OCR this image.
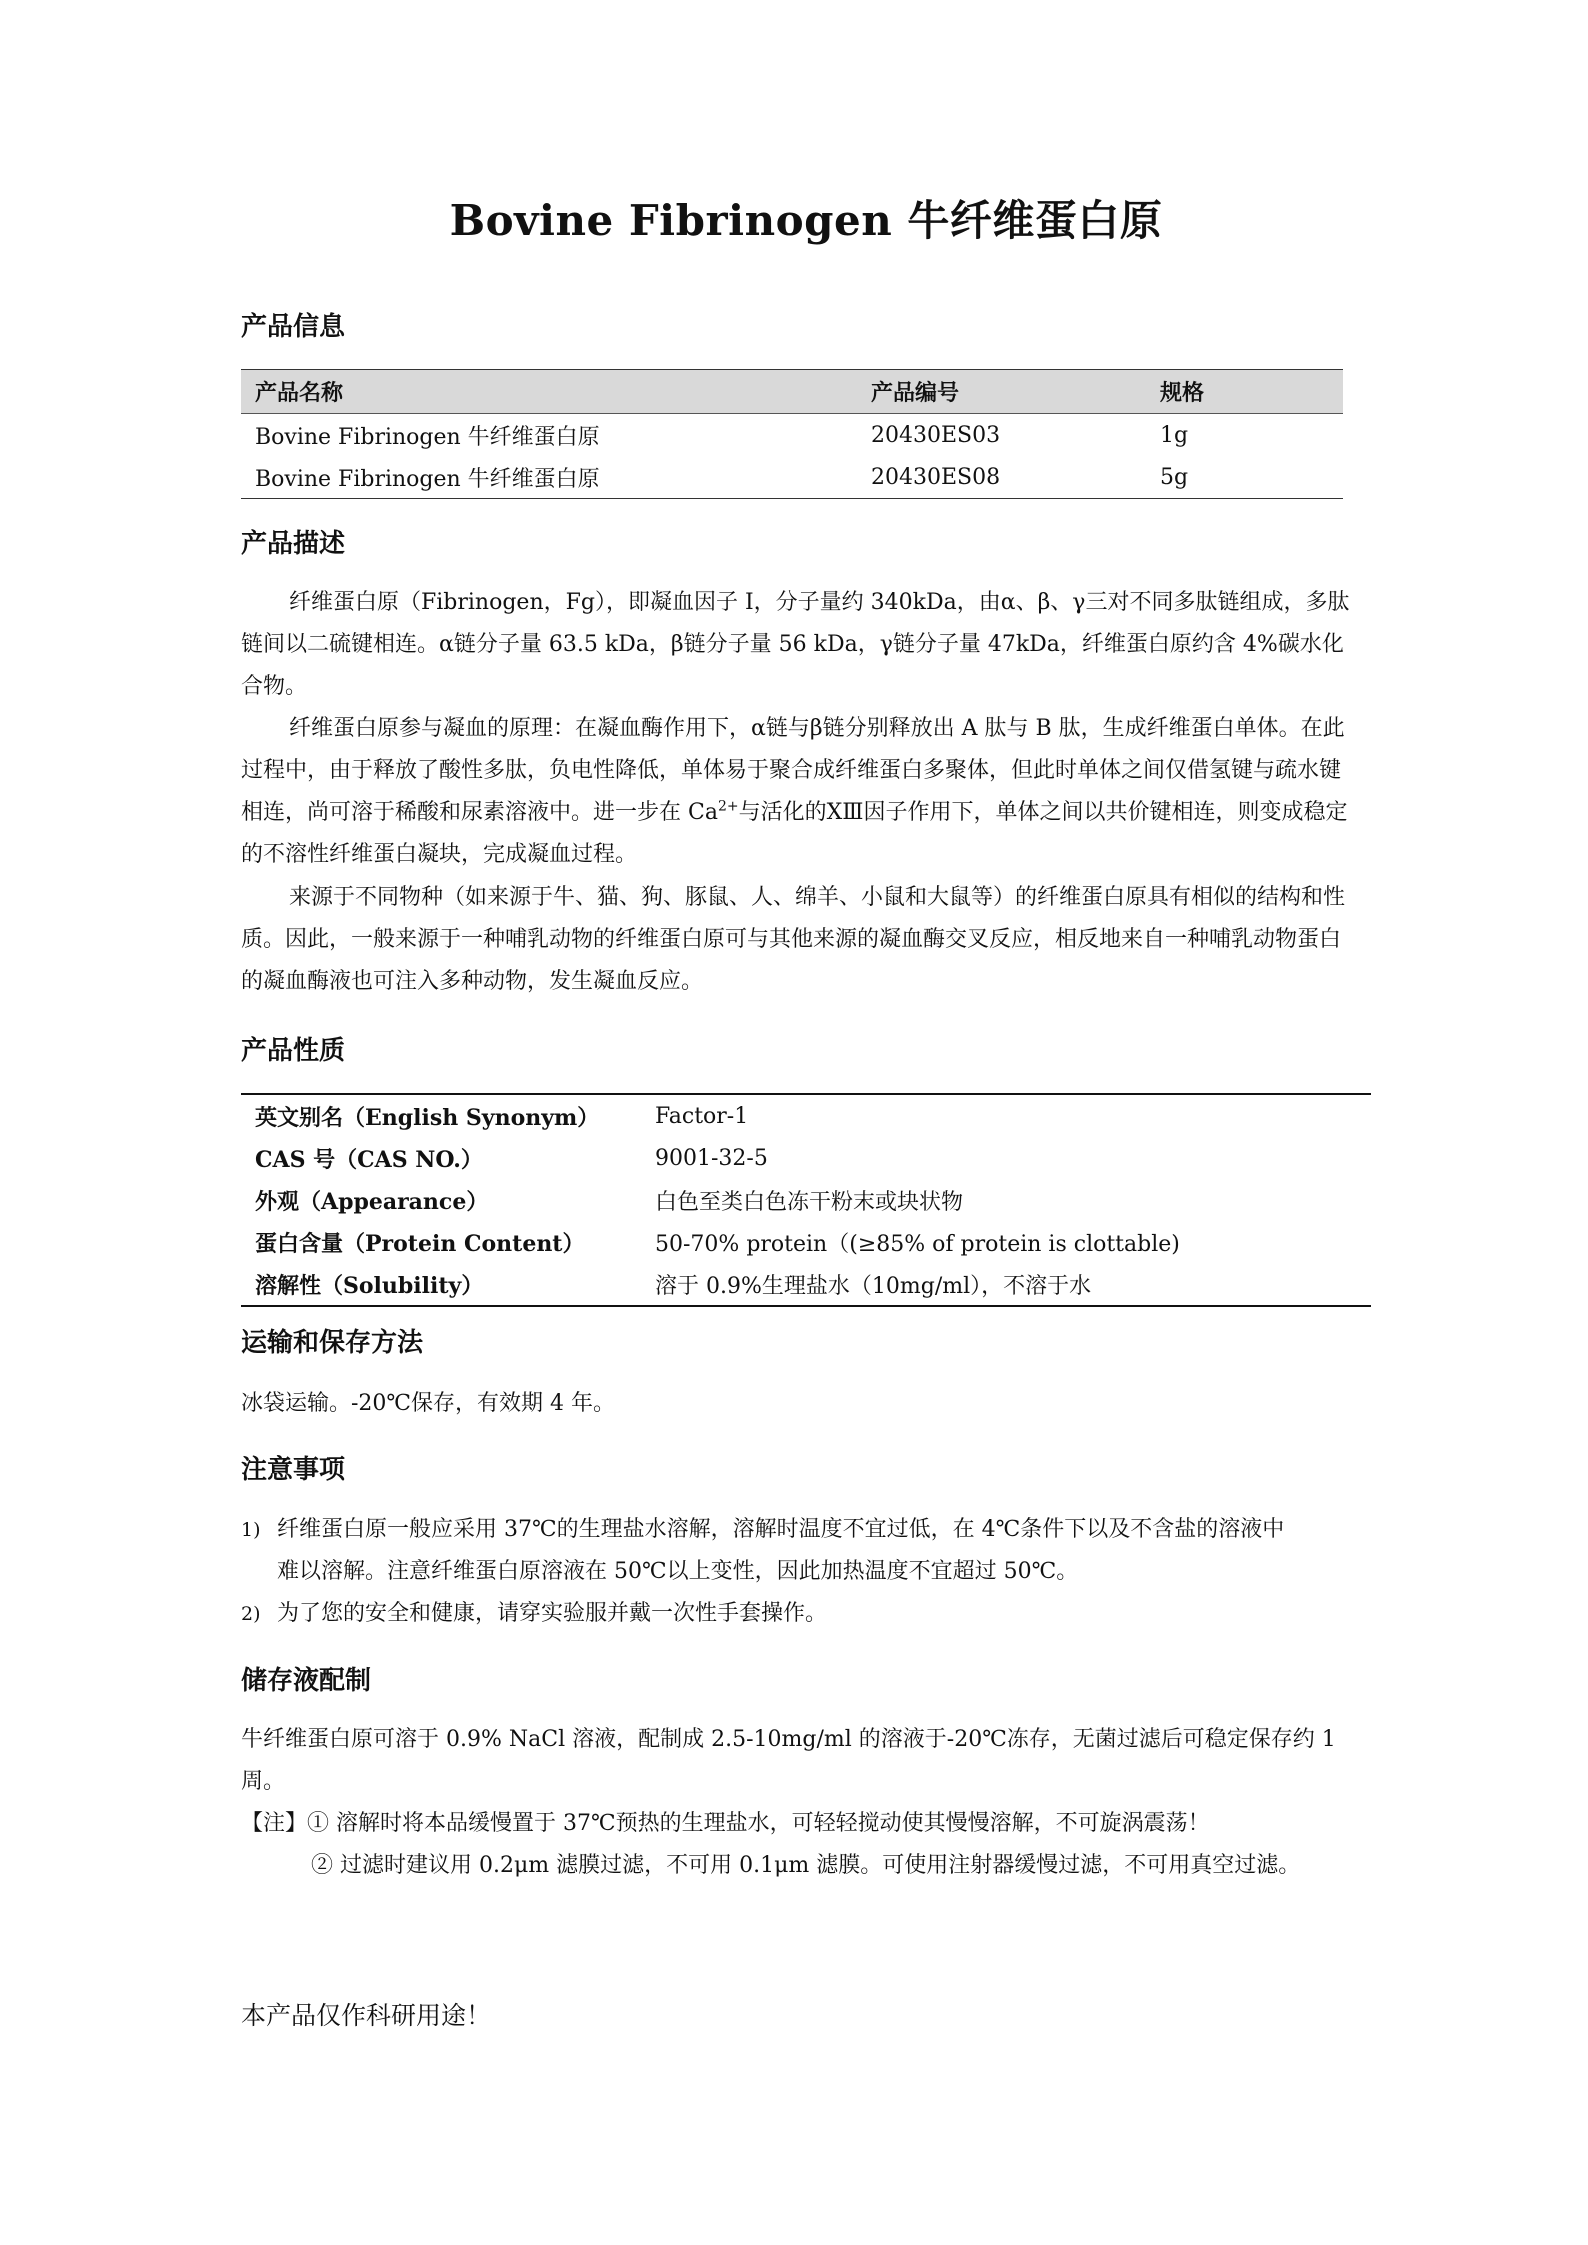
Bovine Fibrinogen 牛纤维蛋白原
产品信息
产品名称	产品编号	规格
Bovine Fibrinogen 牛纤维蛋白原	20430ES03	1g
Bovine Fibrinogen 牛纤维蛋白原	20430ES08	5g
产品描述

纤维蛋白原（Fibrinogen，Fg），即凝血因子 I，分子量约 340kDa，由α、β、γ三对不同多肽链组成，多肽链间以二硫键相连。α链分子量 63.5 kDa，β链分子量 56 kDa，γ链分子量 47kDa，纤维蛋白原约含 4%碳水化合物。

纤维蛋白原参与凝血的原理：在凝血酶作用下，α链与β链分别释放出 A 肽与 B 肽，生成纤维蛋白单体。在此过程中，由于释放了酸性多肽，负电性降低，单体易于聚合成纤维蛋白多聚体，但此时单体之间仅借氢键与疏水键相连，尚可溶于稀酸和尿素溶液中。进一步在 $Ca^{2+}$与活化的ⅩⅢ因子作用下，单体之间以共价键相连，则变成稳定的不溶性纤维蛋白凝块，完成凝血过程。

来源于不同物种（如来源于牛、猫、狗、豚鼠、人、绵羊、小鼠和大鼠等）的纤维蛋白原具有相似的结构和性质。因此，一般来源于一种哺乳动物的纤维蛋白原可与其他来源的凝血酶交叉反应，相反地来自一种哺乳动物蛋白的凝血酶液也可注入多种动物，发生凝血反应。

产品性质
英文别名（English Synonym）	Factor-1
CAS 号（CAS NO.）	9001-32-5
外观（Appearance）	白色至类白色冻干粉末或块状物
蛋白含量（Protein Content）	50-70% protein（(≥85% of protein is clottable)
溶解性（Solubility）	溶于 0.9%生理盐水（10mg/ml），不溶于水
运输和保存方法

冰袋运输。-20℃保存，有效期 4 年。

注意事项
1) 纤维蛋白原一般应采用 37℃的生理盐水溶解，溶解时温度不宜过低，在 4℃条件下以及不含盐的溶液中
难以溶解。注意纤维蛋白原溶液在 50℃以上变性，因此加热温度不宜超过 50℃。
2) 为了您的安全和健康，请穿实验服并戴一次性手套操作。
储存液配制

牛纤维蛋白原可溶于 0.9% NaCl 溶液，配制成 2.5-10mg/ml 的溶液于-20℃冻存，无菌过滤后可稳定保存约 1 周。

【注】① 溶解时将本品缓慢置于 37℃预热的生理盐水，可轻轻搅动使其慢慢溶解，不可旋涡震荡！
② 过滤时建议用 0.2μm 滤膜过滤，不可用 0.1μm 滤膜。可使用注射器缓慢过滤，不可用真空过滤。

本产品仅作科研用途！
